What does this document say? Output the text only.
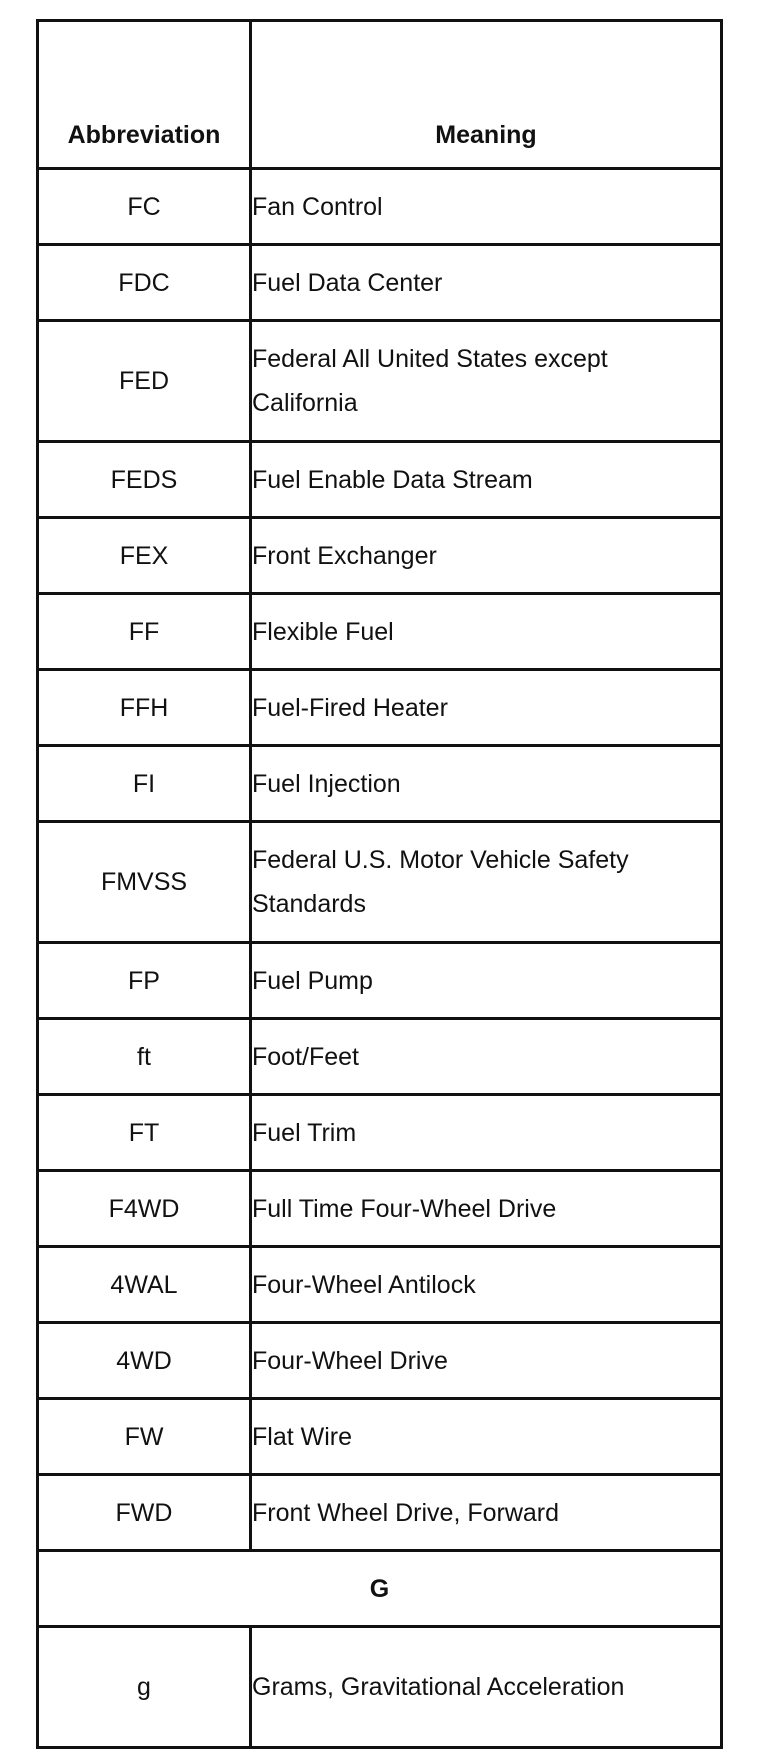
Abbreviation	Meaning
FC	Fan Control
FDC	Fuel Data Center
FED	Federal All United States except California
FEDS	Fuel Enable Data Stream
FEX	Front Exchanger
FF	Flexible Fuel
FFH	Fuel-Fired Heater
FI	Fuel Injection
FMVSS	Federal U.S. Motor Vehicle Safety Standards
FP	Fuel Pump
ft	Foot/Feet
FT	Fuel Trim
F4WD	Full Time Four-Wheel Drive
4WAL	Four-Wheel Antilock
4WD	Four-Wheel Drive
FW	Flat Wire
FWD	Front Wheel Drive, Forward
G	
g	Grams, Gravitational Acceleration
